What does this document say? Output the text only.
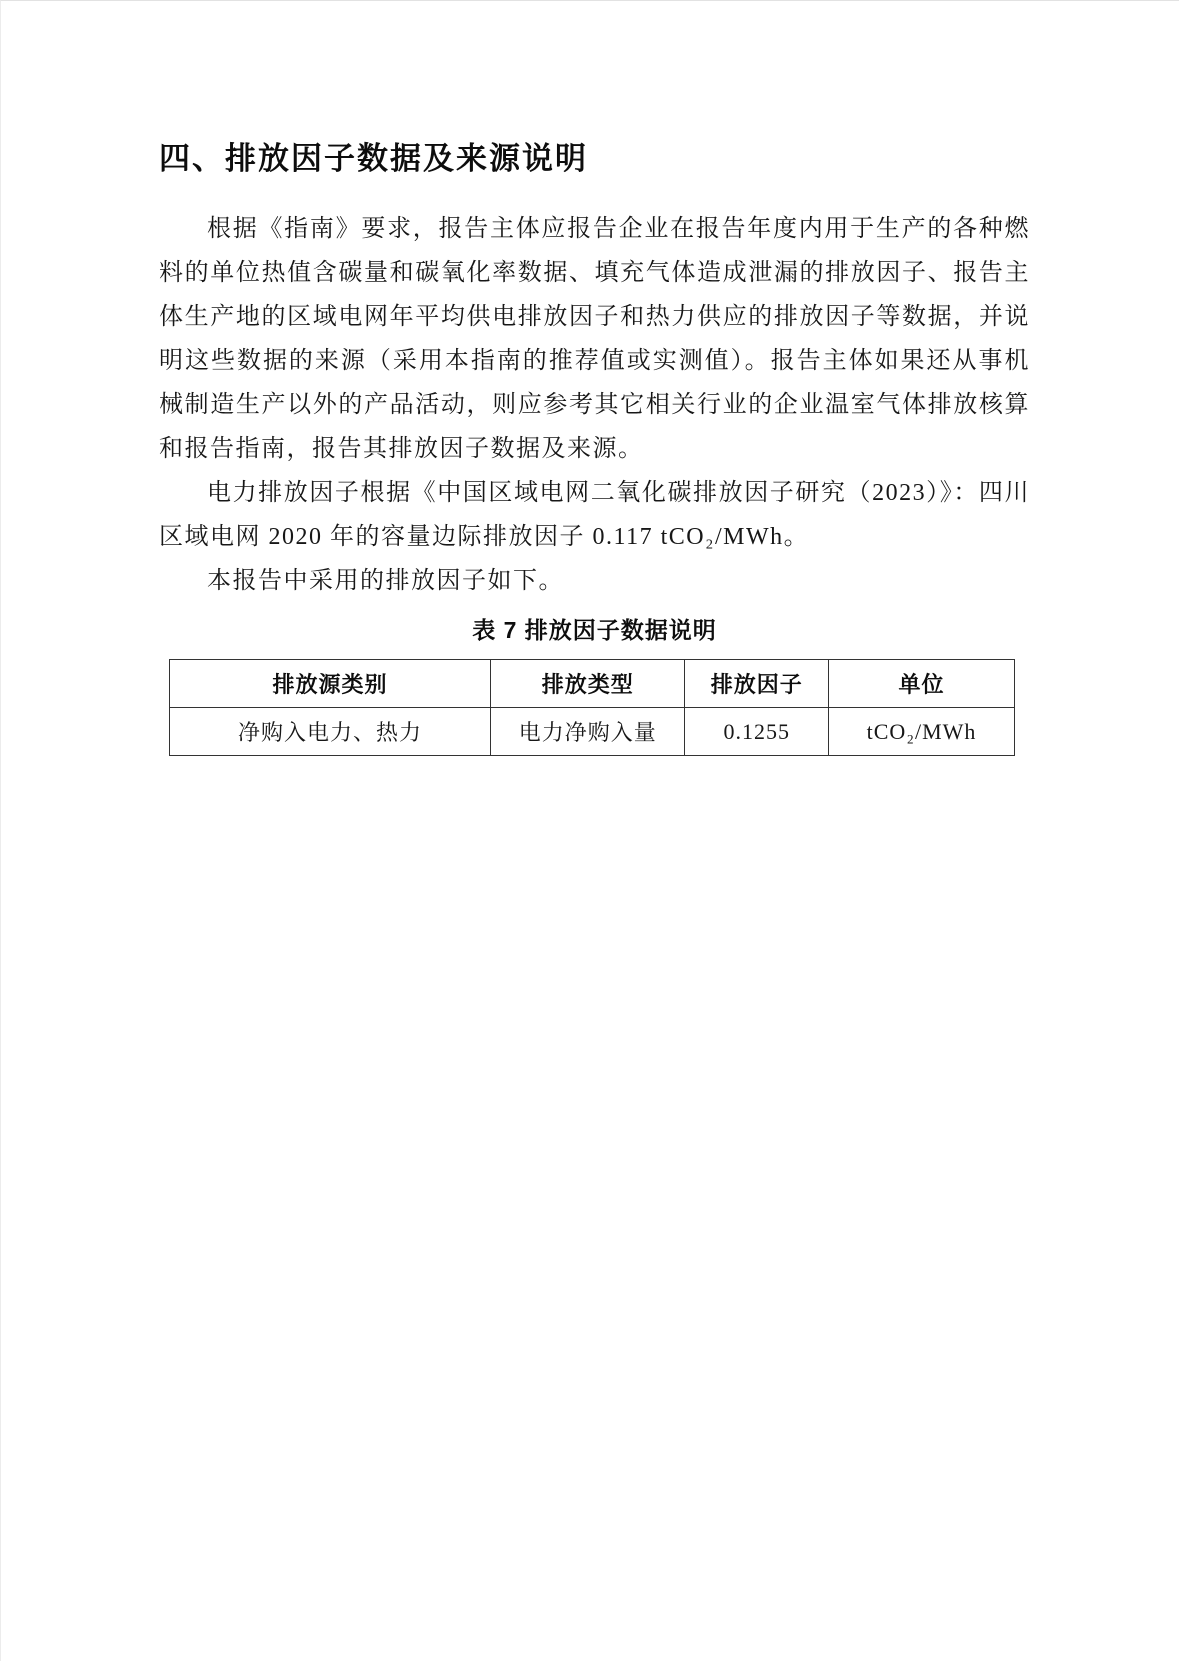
四、排放因子数据及来源说明

根据《指南》要求，报告主体应报告企业在报告年度内用于生产的各种燃料的单位热值含碳量和碳氧化率数据、填充气体造成泄漏的排放因子、报告主体生产地的区域电网年平均供电排放因子和热力供应的排放因子等数据，并说明这些数据的来源（采用本指南的推荐值或实测值）。报告主体如果还从事机械制造生产以外的产品活动，则应参考其它相关行业的企业温室气体排放核算和报告指南，报告其排放因子数据及来源。

电力排放因子根据《中国区域电网二氧化碳排放因子研究（2023）》：四川区域电网 2020 年的容量边际排放因子 0.117 tCO₂/MWh。

本报告中采用的排放因子如下。

表 7 排放因子数据说明
排放源类别	排放类型	排放因子	单位
净购入电力、热力	电力净购入量	0.1255	tCO₂/MWh
